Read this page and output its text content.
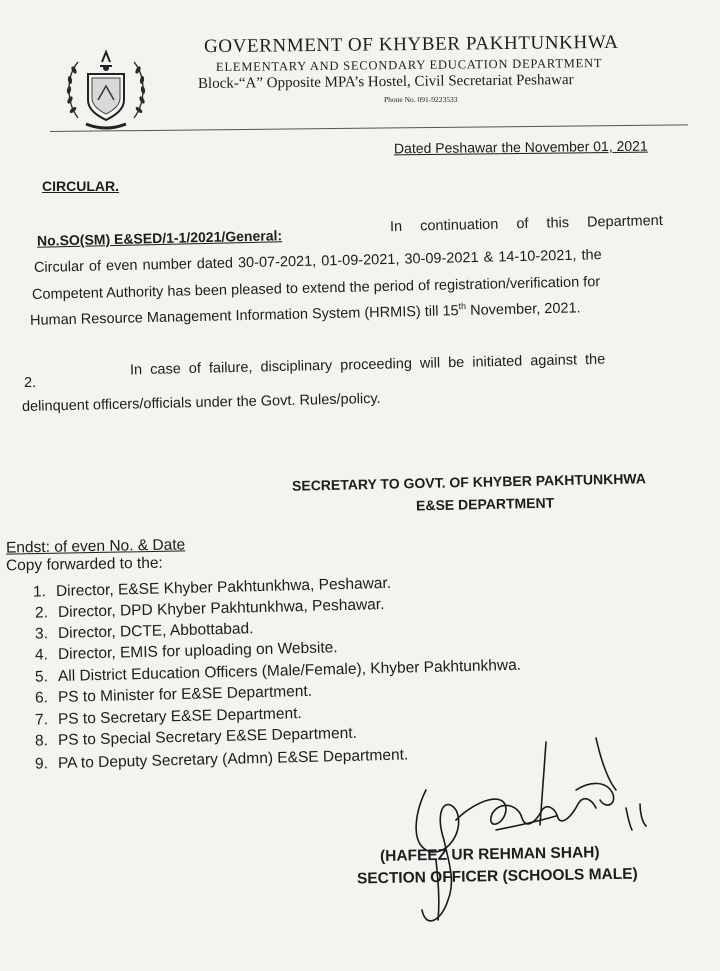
GOVERNMENT OF KHYBER PAKHTUNKHWA
ELEMENTARY AND SECONDARY EDUCATION DEPARTMENT
Block-“A” Opposite MPA’s Hostel, Civil Secretariat Peshawar
Phone No. 091-9223533
Dated Peshawar the November 01, 2021
CIRCULAR.
No.SO(SM) E&SED/1-1/2021/General:
In continuation of this Department
Circular of even number dated 30-07-2021, 01-09-2021, 30-09-2021 & 14-10-2021, the
Competent Authority has been pleased to extend the period of registration/verification for
Human Resource Management Information System (HRMIS) till 15th November, 2021.
2.
In case of failure, disciplinary proceeding will be initiated against the
delinquent officers/officials under the Govt. Rules/policy.
SECRETARY TO GOVT. OF KHYBER PAKHTUNKHWA
E&SE DEPARTMENT
Endst: of even No. & Date
Copy forwarded to the:
1. Director, E&SE Khyber Pakhtunkhwa, Peshawar.
2. Director, DPD Khyber Pakhtunkhwa, Peshawar.
3. Director, DCTE, Abbottabad.
4. Director, EMIS for uploading on Website.
5. All District Education Officers (Male/Female), Khyber Pakhtunkhwa.
6. PS to Minister for E&SE Department.
7. PS to Secretary E&SE Department.
8. PS to Special Secretary E&SE Department.
9. PA to Deputy Secretary (Admn) E&SE Department.
(HAFEEZ UR REHMAN SHAH)
SECTION OFFICER (SCHOOLS MALE)
